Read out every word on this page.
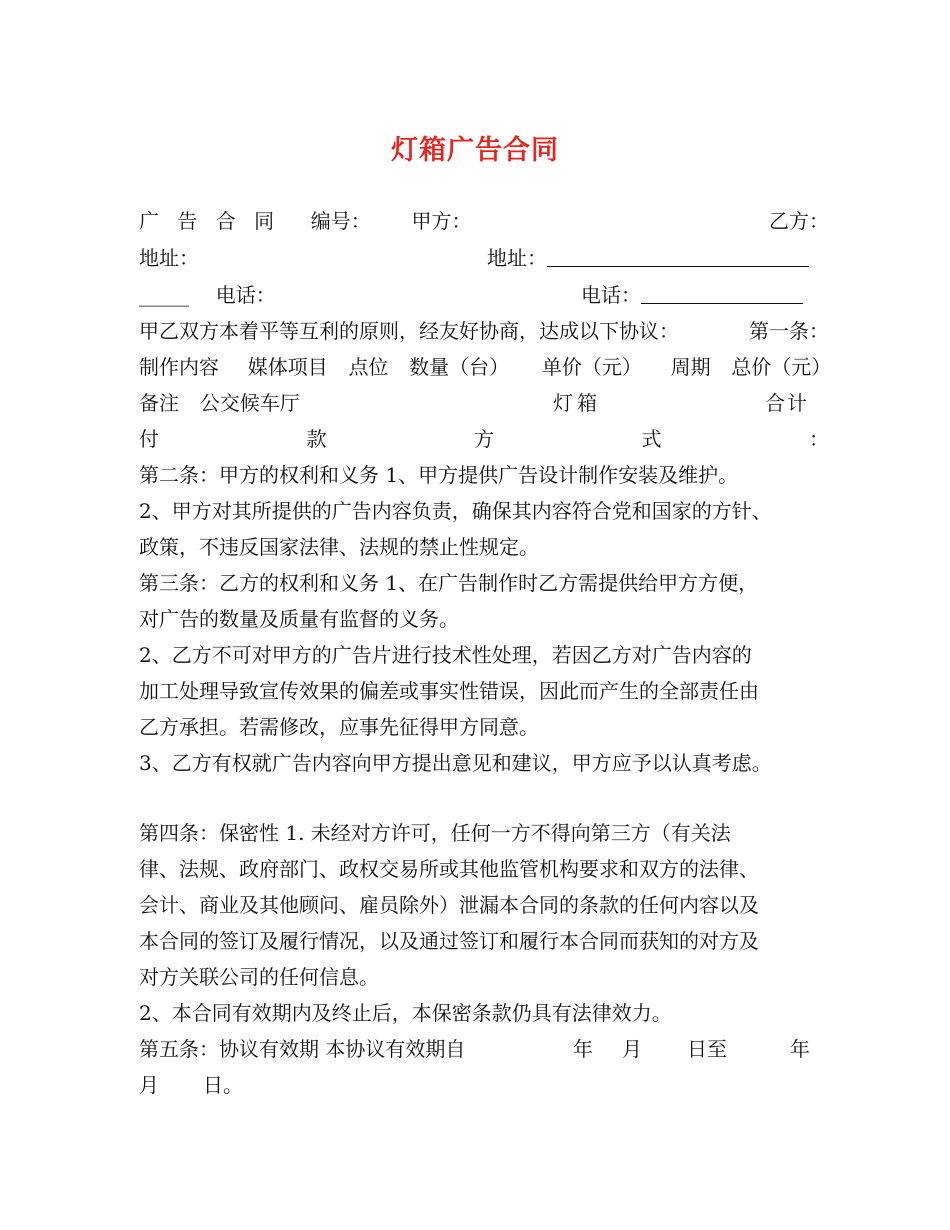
灯箱广告合同
广 告 合 同 编号： 甲方：	乙方：
地址：	地址：
_____ 电话：	电话：
甲乙双方本着平等互利的原则，经友好协商，达成以下协议：	第一条：
制作内容 媒体项目 点位 数量（台） 单价（元） 周期 总价（元）
备注 公交候车厅	灯箱	合计
付	款	方	式	：
第二条：甲方的权利和义务 1、甲方提供广告设计制作安装及维护。
2、甲方对其所提供的广告内容负责，确保其内容符合党和国家的方针、
政策，不违反国家法律、法规的禁止性规定。
第三条：乙方的权利和义务 1、在广告制作时乙方需提供给甲方方便，
对广告的数量及质量有监督的义务。
2、乙方不可对甲方的广告片进行技术性处理，若因乙方对广告内容的
加工处理导致宣传效果的偏差或事实性错误，因此而产生的全部责任由
乙方承担。若需修改，应事先征得甲方同意。
3、乙方有权就广告内容向甲方提出意见和建议，甲方应予以认真考虑。
第四条：保密性 1. 未经对方许可，任何一方不得向第三方（有关法
律、法规、政府部门、政权交易所或其他监管机构要求和双方的法律、
会计、商业及其他顾问、雇员除外）泄漏本合同的条款的任何内容以及
本合同的签订及履行情况，以及通过签订和履行本合同而获知的对方及
对方关联公司的任何信息。
2、本合同有效期内及终止后，本保密条款仍具有法律效力。
第五条：协议有效期 本协议有效期自	年 月 日至	年
月 日。
